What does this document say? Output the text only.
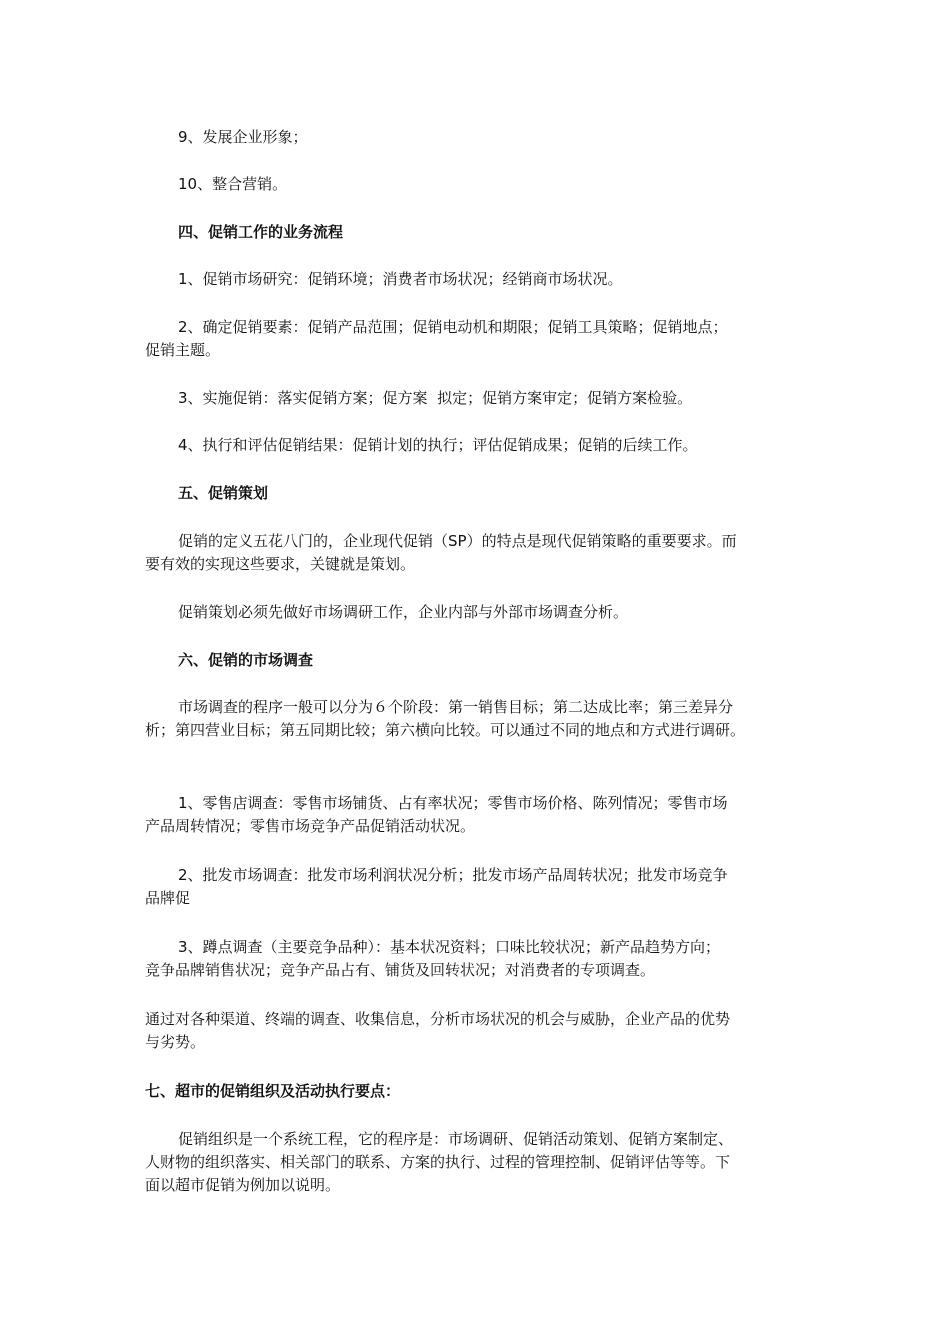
9、发展企业形象；
10、整合营销。
四、促销工作的业务流程
1、促销市场研究：促销环境；消费者市场状况；经销商市场状况。
2、确定促销要素：促销产品范围；促销电动机和期限；促销工具策略；促销地点；
促销主题。
3、实施促销：落实促销方案；促方案  拟定；促销方案审定；促销方案检验。
4、执行和评估促销结果：促销计划的执行；评估促销成果；促销的后续工作。
五、促销策划
促销的定义五花八门的，企业现代促销（SP）的特点是现代促销策略的重要要求。而
要有效的实现这些要求，关键就是策划。
促销策划必须先做好市场调研工作，企业内部与外部市场调查分析。
六、促销的市场调查
市场调查的程序一般可以分为６个阶段：第一销售目标；第二达成比率；第三差异分
析；第四营业目标；第五同期比较；第六横向比较。可以通过不同的地点和方式进行调研。
1、零售店调查：零售市场铺货、占有率状况；零售市场价格、陈列情况；零售市场
产品周转情况；零售市场竞争产品促销活动状况。
2、批发市场调查：批发市场利润状况分析；批发市场产品周转状况；批发市场竞争
品牌促
3、蹲点调查（主要竞争品种）：基本状况资料；口味比较状况；新产品趋势方向；
竞争品牌销售状况；竞争产品占有、铺货及回转状况；对消费者的专项调查。
通过对各种渠道、终端的调查、收集信息，分析市场状况的机会与威胁，企业产品的优势
与劣势。
七、超市的促销组织及活动执行要点：
促销组织是一个系统工程，它的程序是：市场调研、促销活动策划、促销方案制定、
人财物的组织落实、相关部门的联系、方案的执行、过程的管理控制、促销评估等等。下
面以超市促销为例加以说明。
